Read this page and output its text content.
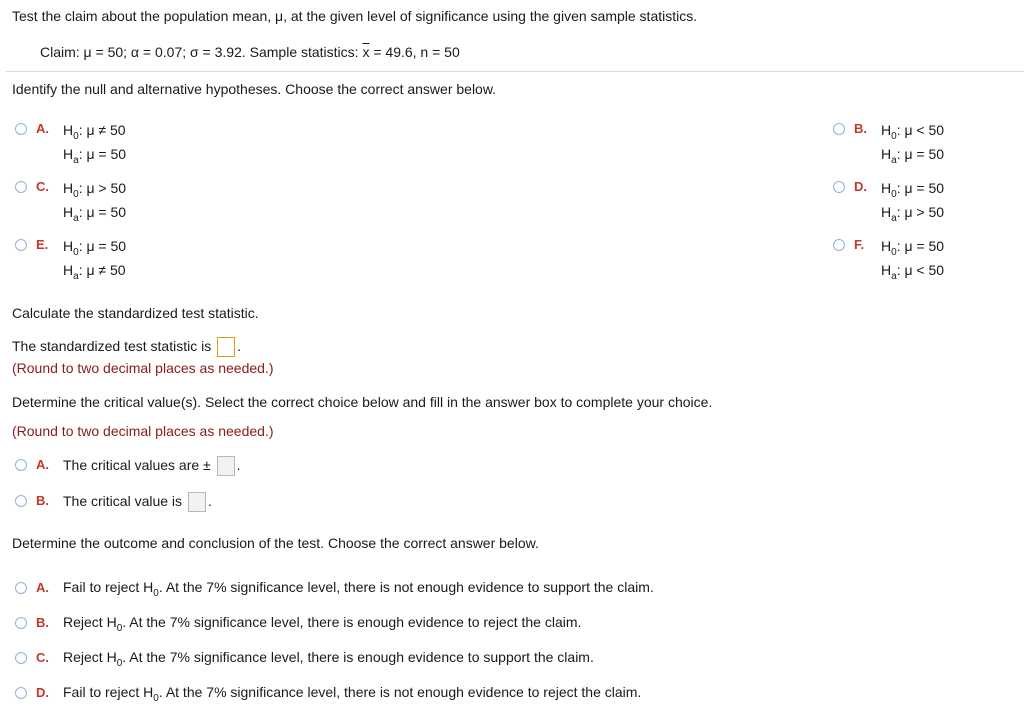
Test the claim about the population mean, μ, at the given level of significance using the given sample statistics.
Claim: μ = 50; α = 0.07; σ = 3.92. Sample statistics: $\overline{x} = 49.6$, n = 50
Identify the null and alternative hypotheses. Choose the correct answer below.
A. $H_0$: μ ≠ 50
$H_a$: μ = 50
B. $H_0$: μ < 50
$H_a$: μ = 50
C. $H_0$: μ > 50
$H_a$: μ = 50
D. $H_0$: μ = 50
$H_a$: μ > 50
E. $H_0$: μ = 50
$H_a$: μ ≠ 50
F. $H_0$: μ = 50
$H_a$: μ < 50
Calculate the standardized test statistic.
The standardized test statistic is .
(Round to two decimal places as needed.)
Determine the critical value(s). Select the correct choice below and fill in the answer box to complete your choice.
(Round to two decimal places as needed.)
A. The critical values are ± .
B. The critical value is .
Determine the outcome and conclusion of the test. Choose the correct answer below.
A. Fail to reject $H_0$. At the 7% significance level, there is not enough evidence to support the claim.
B. Reject $H_0$. At the 7% significance level, there is enough evidence to reject the claim.
C. Reject $H_0$. At the 7% significance level, there is enough evidence to support the claim.
D. Fail to reject $H_0$. At the 7% significance level, there is not enough evidence to reject the claim.
